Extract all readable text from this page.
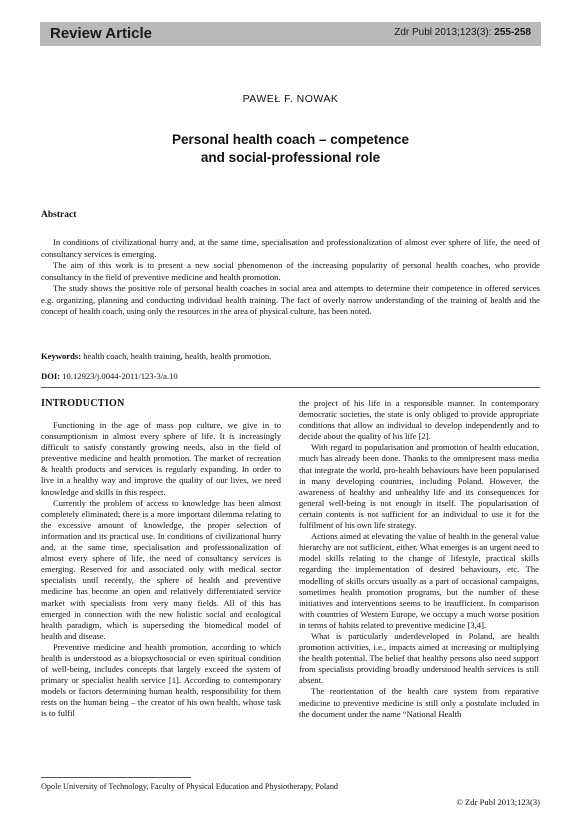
Review Article	Zdr Publ 2013;123(3): 255-258
PAWEŁ F. NOWAK
Personal health coach – competence
and social-professional role
Abstract

In conditions of civilizational hurry and, at the same time, specialisation and professionalization of almost ever sphere of life, the need of consultancy services is emerging.

The aim of this work is to present a new social phenomenon of the increasing popularity of personal health coaches, who provide consultancy in the field of preventive medicine and health promotion.

The study shows the positive role of personal health coaches in social area and attempts to determine their competence in offered services e.g. organizing, planning and conducting individual health training. The fact of overly narrow understanding of the training of health and the concept of health coach, using only the resources in the area of physical culture, has been noted.

Keywords: health coach, health training, health, health promotion.
DOI: 10.12923/j.0044-2011/123-3/a.10
INTRODUCTION

Functioning in the age of mass pop culture, we give in to consumptionism in almost every sphere of life. It is increasingly difficult to satisfy constantly growing needs, also in the field of preventive medicine and health promotion. The market of recreation & health products and services is regularly expanding. In order to live in a healthy way and improve the quality of our lives, we need knowledge and skills in this respect.

Currently the problem of access to knowledge has been almost completely eliminated; there is a more important dilemma relating to the excessive amount of knowledge, the proper selection of information and its practical use. In conditions of civilizational hurry and, at the same time, specialisation and professionalization of almost every sphere of life, the need of consultancy services is emerging. Reserved for and associated only with medical sector specialists until recently, the sphere of health and preventive medicine has become an open and relatively differentiated service market with specialists from very many fields. All of this has emerged in connection with the new holistic social and ecological health paradigm, which is superseding the biomedical model of health and disease.

Preventive medicine and health promotion, according to which health is understood as a biopsychosocial or even spiritual condition of well-being, includes concepts that largely exceed the system of primary or specialist health service [1]. According to contemporary models or factors determining human health, responsibility for them rests on the human being – the creator of his own health, whose task is to fulfil

the project of his life in a responsible manner. In contemporary democratic societies, the state is only obliged to provide appropriate conditions that allow an individual to develop independently and to decide about the quality of his life [2].

With regard to popularisation and promotion of health education, much has already been done. Thanks to the omnipresent mass media that integrate the world, pro-health behaviours have been popularised in many developing countries, including Poland. However, the awareness of healthy and unhealthy life and its consequences for general well-being is not enough in itself. The popularisation of certain contents is not sufficient for an individual to use it for the fulfilment of his own life strategy.

Actions aimed at elevating the value of health in the general value hierarchy are not sufficient, either. What emerges is an urgent need to model skills relating to the change of lifestyle, practical skills regarding the implementation of desired behaviours, etc. The modelling of skills occurs usually as a part of occasional campaigns, sometimes health promotion programs, but the number of these initiatives and interventions seems to be insufficient. In comparison with countries of Western Europe, we occupy a much worse position in terms of habits related to preventive medicine [3,4].

What is particularly underdeveloped in Poland, are health promotion activities, i.e., impacts aimed at increasing or multiplying the health potential. The belief that healthy persons also need support from specialists providing broadly understood health services is still absent.

The reorientation of the health care system from reparative medicine to preventive medicine is still only a postulate included in the document under the name “National Health

Opole University of Technology, Faculty of Physical Education and Physiotherapy, Poland
© Zdr Publ 2013;123(3)
